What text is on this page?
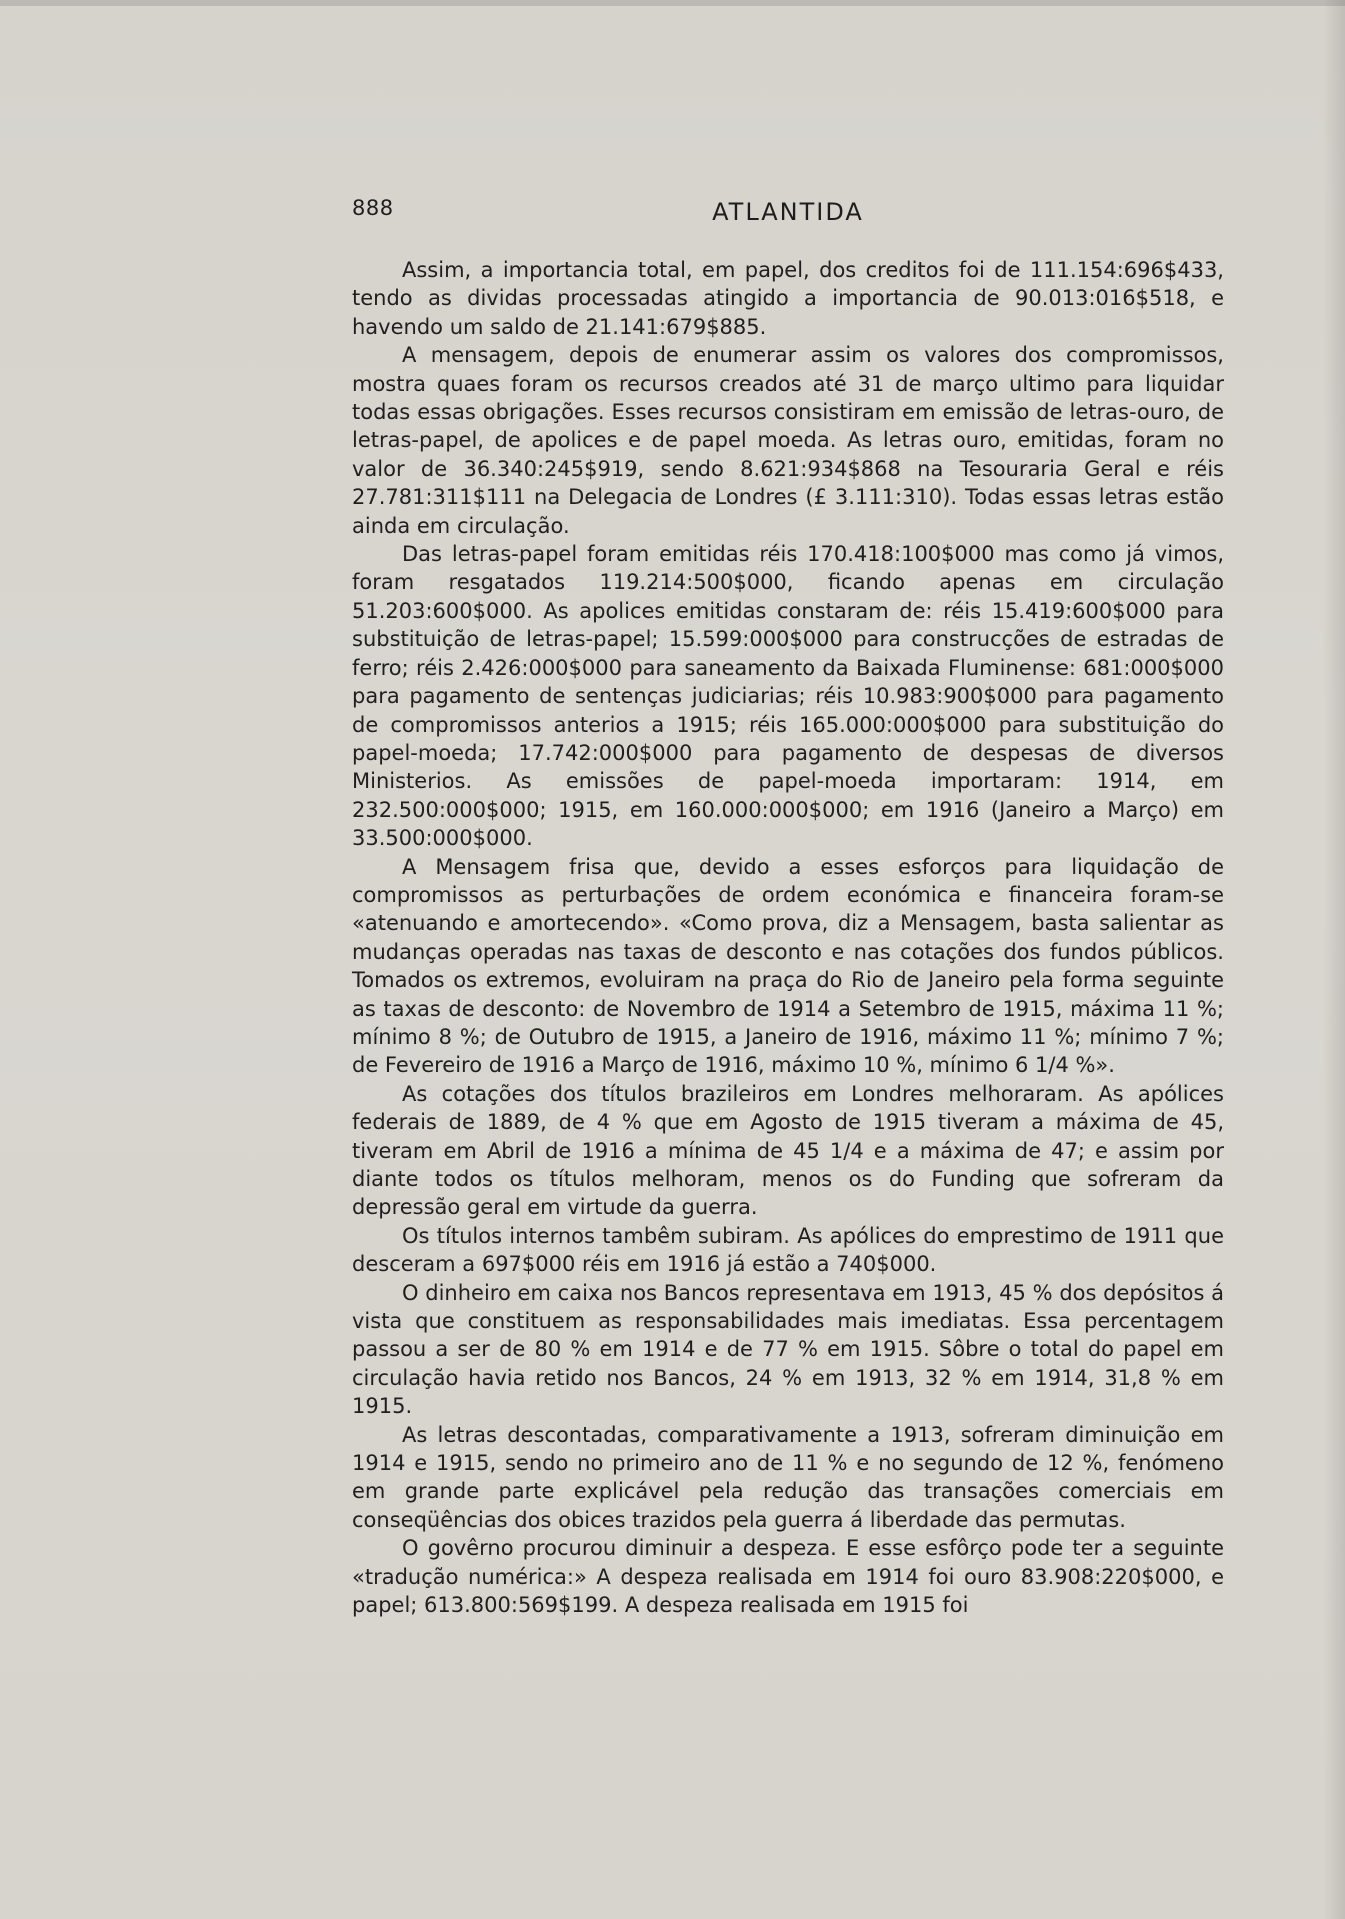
888	ATLANTIDA

Assim, a importancia total, em papel, dos creditos foi de 111.154:696$433, tendo as dividas processadas atingido a importancia de 90.013:016$518, e havendo um saldo de 21.141:679$885.

A mensagem, depois de enumerar assim os valores dos compromissos, mostra quaes foram os recursos creados até 31 de março ultimo para liquidar todas essas obrigações. Esses recursos consistiram em emissão de letras-ouro, de letras-papel, de apolices e de papel moeda. As letras ouro, emitidas, foram no valor de 36.340:245$919, sendo 8.621:934$868 na Tesouraria Geral e réis 27.781:311$111 na Delegacia de Londres (£ 3.111:310). Todas essas letras estão ainda em circulação.

Das letras-papel foram emitidas réis 170.418:100$000 mas como já vimos, foram resgatados 119.214:500$000, ficando apenas em circulação 51.203:600$000. As apolices emitidas constaram de: réis 15.419:600$000 para substituição de letras-papel; 15.599:000$000 para construcções de estradas de ferro; réis 2.426:000$000 para saneamento da Baixada Fluminense: 681:000$000 para pagamento de sentenças judiciarias; réis 10.983:900$000 para pagamento de compromissos anterios a 1915; réis 165.000:000$000 para substituição do papel-moeda; 17.742:000$000 para pagamento de despesas de diversos Ministerios. As emissões de papel-moeda importaram: 1914, em 232.500:000$000; 1915, em 160.000:000$000; em 1916 (Janeiro a Março) em 33.500:000$000.

A Mensagem frisa que, devido a esses esforços para liquidação de compromissos as perturbações de ordem económica e financeira foram-se «atenuando e amortecendo». «Como prova, diz a Mensagem, basta salientar as mudanças operadas nas taxas de desconto e nas cotações dos fundos públicos. Tomados os extremos, evoluiram na praça do Rio de Janeiro pela forma seguinte as taxas de desconto: de Novembro de 1914 a Setembro de 1915, máxima 11 %; mínimo 8 %; de Outubro de 1915, a Janeiro de 1916, máximo 11 %; mínimo 7 %; de Fevereiro de 1916 a Março de 1916, máximo 10 %, mínimo 6 1/4 %».

As cotações dos títulos brazileiros em Londres melhoraram. As apólices federais de 1889, de 4 % que em Agosto de 1915 tiveram a máxima de 45, tiveram em Abril de 1916 a mínima de 45 1/4 e a máxima de 47; e assim por diante todos os títulos melhoram, menos os do Funding que sofreram da depressão geral em virtude da guerra.

Os títulos internos tambêm subiram. As apólices do emprestimo de 1911 que desceram a 697$000 réis em 1916 já estão a 740$000.

O dinheiro em caixa nos Bancos representava em 1913, 45 % dos depósitos á vista que constituem as responsabilidades mais imediatas. Essa percentagem passou a ser de 80 % em 1914 e de 77 % em 1915. Sôbre o total do papel em circulação havia retido nos Bancos, 24 % em 1913, 32 % em 1914, 31,8 % em 1915.

As letras descontadas, comparativamente a 1913, sofreram diminuição em 1914 e 1915, sendo no primeiro ano de 11 % e no segundo de 12 %, fenómeno em grande parte explicável pela redução das transações comerciais em conseqüências dos obices trazidos pela guerra á liberdade das permutas.

O govêrno procurou diminuir a despeza. E esse esfôrço pode ter a seguinte «tradução numérica:» A despeza realisada em 1914 foi ouro 83.908:220$000, e papel; 613.800:569$199. A despeza realisada em 1915 foi
